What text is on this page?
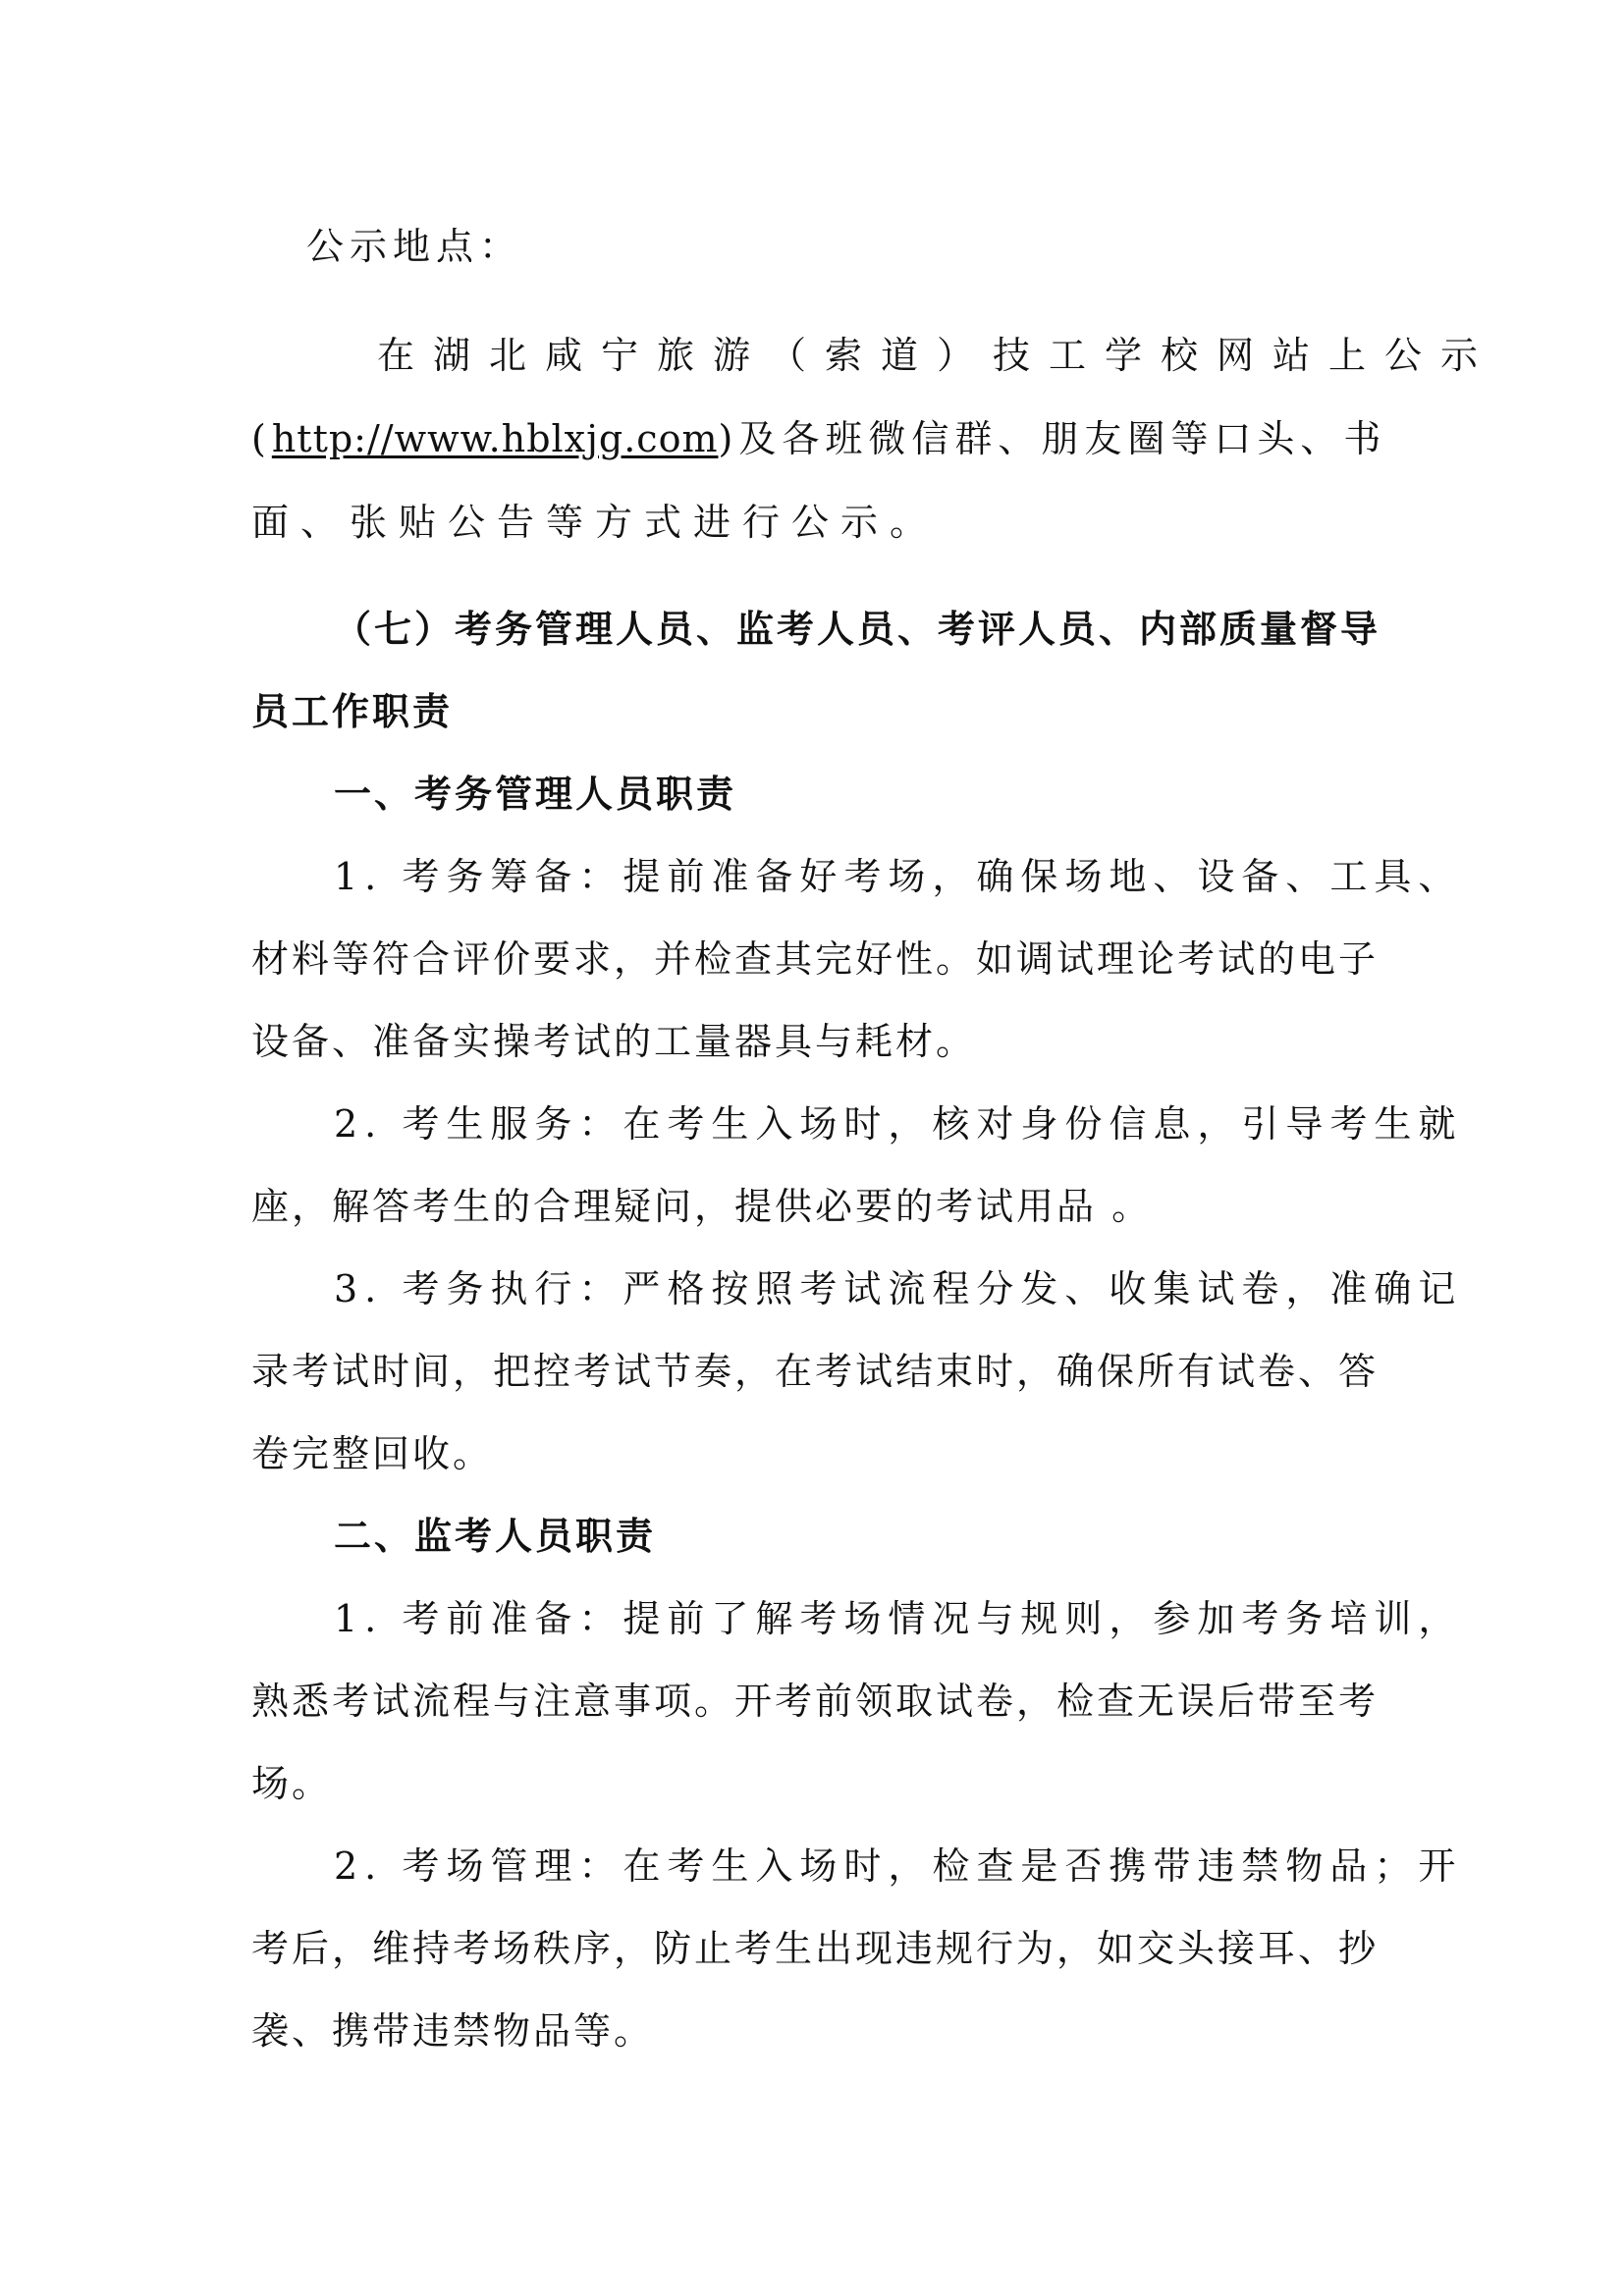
公示地点：
在湖北咸宁旅游（索道）技工学校网站上公示
(http://www.hblxjg.com)及各班微信群、朋友圈等口头、书
面、张贴公告等方式进行公示。
（七）考务管理人员、监考人员、考评人员、内部质量督导
员工作职责
一、考务管理人员职责
1. 考务筹备：提前准备好考场，确保场地、设备、工具、
材料等符合评价要求，并检查其完好性。如调试理论考试的电子
设备、准备实操考试的工量器具与耗材。
2. 考生服务：在考生入场时，核对身份信息，引导考生就
座，解答考生的合理疑问，提供必要的考试用品 。
3. 考务执行：严格按照考试流程分发、收集试卷，准确记
录考试时间，把控考试节奏，在考试结束时，确保所有试卷、答
卷完整回收。
二、监考人员职责
1. 考前准备：提前了解考场情况与规则，参加考务培训，
熟悉考试流程与注意事项。开考前领取试卷，检查无误后带至考
场。
2. 考场管理：在考生入场时，检查是否携带违禁物品；开
考后，维持考场秩序，防止考生出现违规行为，如交头接耳、抄
袭、携带违禁物品等。
